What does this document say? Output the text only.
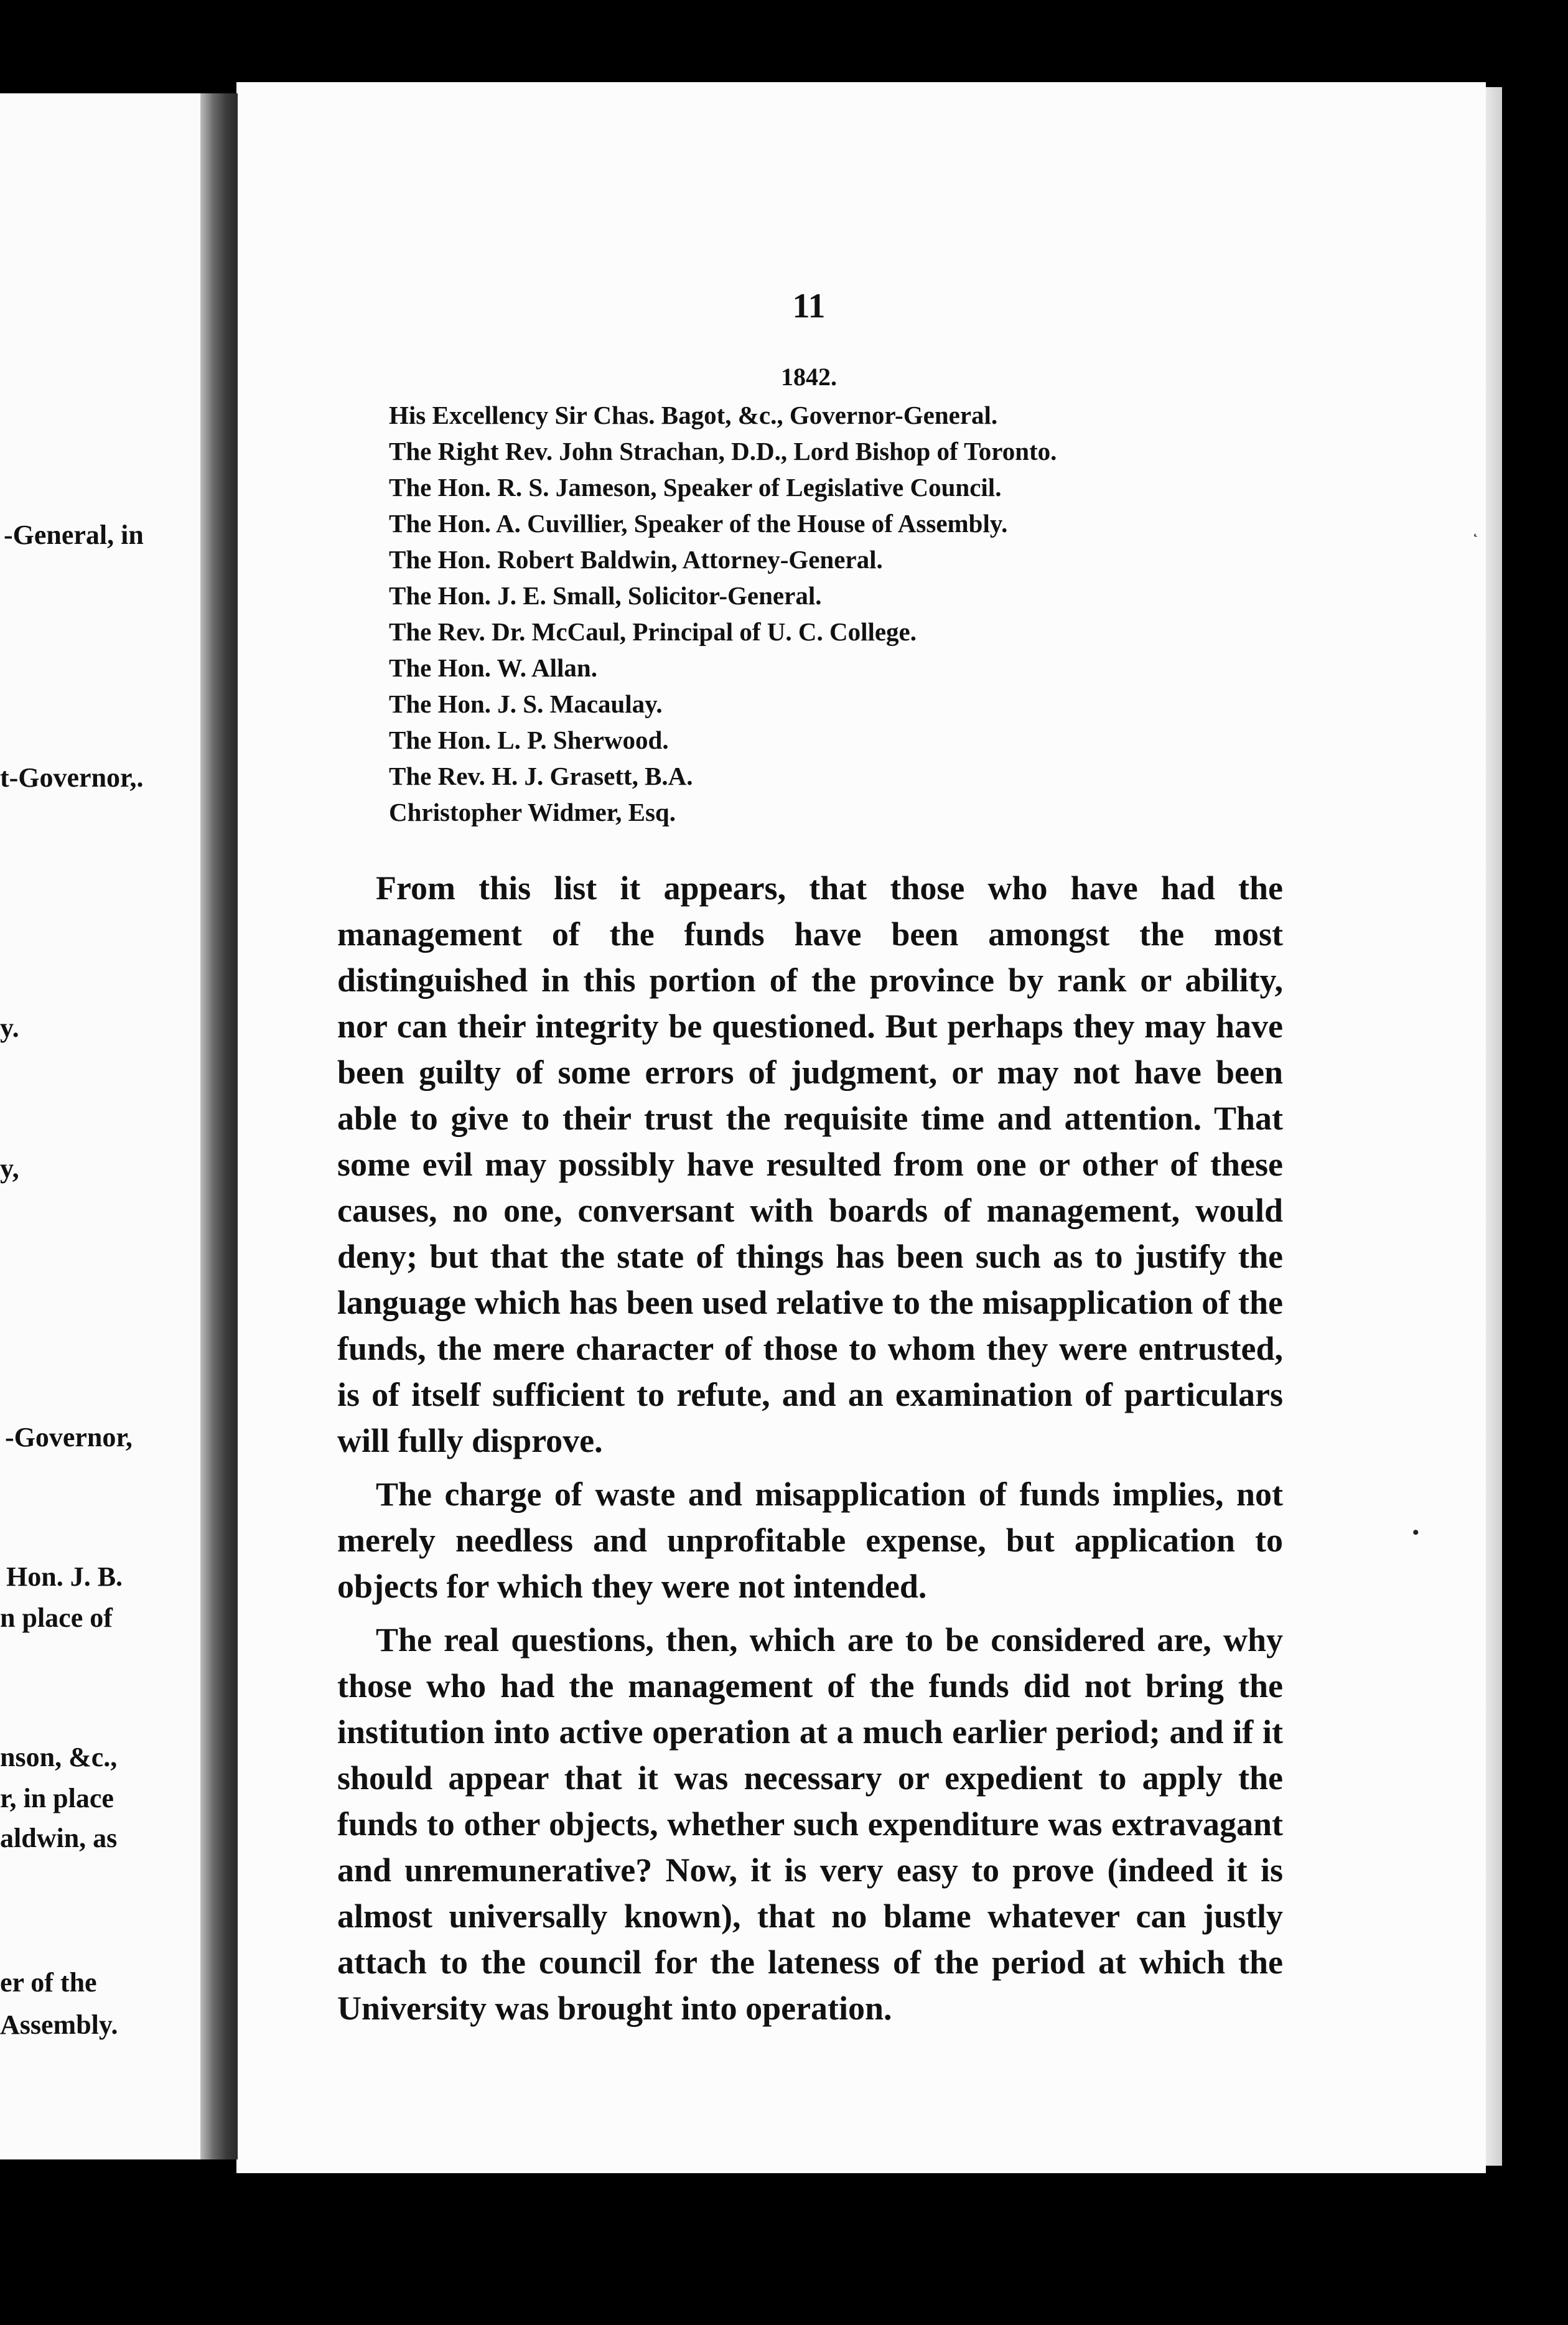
-General, in
t-Governor,.
y.
y,
-Governor,
Hon. J. B.
n place of
nson, &c.,
r, in place
aldwin, as
er of the
Assembly.
11
1842.
His Excellency Sir Chas. Bagot, &c., Governor-General.
The Right Rev. John Strachan, D.D., Lord Bishop of Toronto.
The Hon. R. S. Jameson, Speaker of Legislative Council.
The Hon. A. Cuvillier, Speaker of the House of Assembly.
The Hon. Robert Baldwin, Attorney-General.
The Hon. J. E. Small, Solicitor-General.
The Rev. Dr. McCaul, Principal of U. C. College.
The Hon. W. Allan.
The Hon. J. S. Macaulay.
The Hon. L. P. Sherwood.
The Rev. H. J. Grasett, B.A.
Christopher Widmer, Esq.

From this list it appears, that those who have had the management of the funds have been amongst the most distinguished in this portion of the province by rank or ability, nor can their integrity be questioned. But perhaps they may have been guilty of some errors of judgment, or may not have been able to give to their trust the requisite time and attention. That some evil may possibly have resulted from one or other of these causes, no one, conversant with boards of management, would deny; but that the state of things has been such as to justify the language which has been used relative to the misapplication of the funds, the mere character of those to whom they were entrusted, is of itself sufficient to refute, and an examination of particulars will fully disprove.

The charge of waste and misapplication of funds implies, not merely needless and unprofitable expense, but application to objects for which they were not intended.

The real questions, then, which are to be considered are, why those who had the management of the funds did not bring the institution into active operation at a much earlier period; and if it should appear that it was necessary or expedient to apply the funds to other objects, whether such expenditure was extravagant and unremunerative? Now, it is very easy to prove (indeed it is almost universally known), that no blame whatever can justly attach to the council for the lateness of the period at which the University was brought into operation.

˛
•
